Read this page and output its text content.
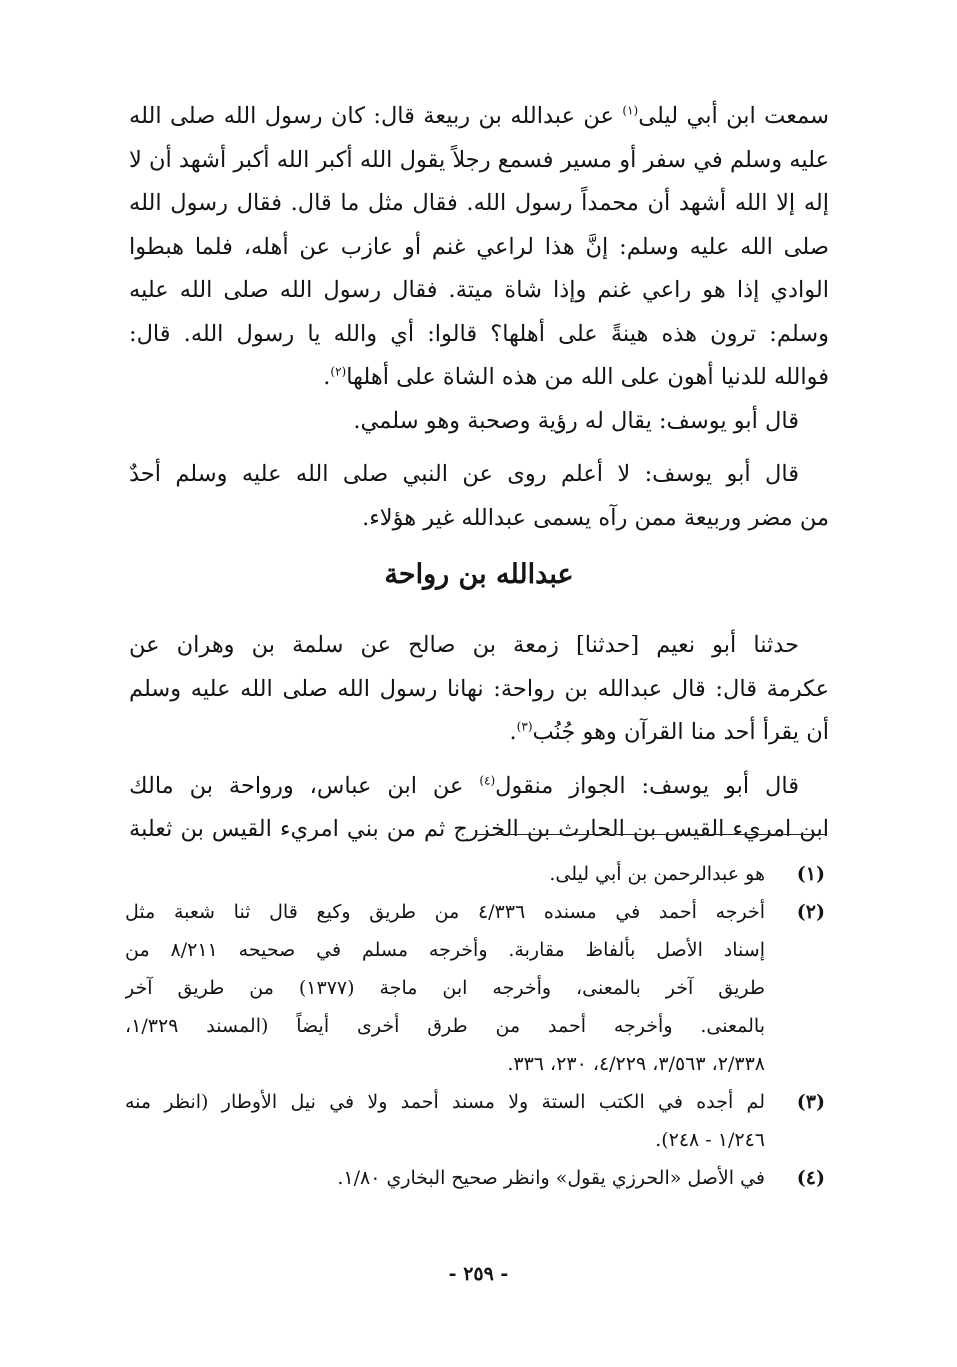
سمعت ابن أبي ليلى$^{(١)}$ عن عبدالله بن ربيعة قال: كان رسول الله صلى الله
عليه وسلم في سفر أو مسير فسمع رجلاً يقول الله أكبر الله أكبر أشهد أن لا
إله إلا الله أشهد أن محمداً رسول الله. فقال مثل ما قال. فقال رسول الله
صلى الله عليه وسلم: إنَّ هذا لراعي غنم أو عازب عن أهله، فلما هبطوا
الوادي إذا هو راعي غنم وإذا شاة ميتة. فقال رسول الله صلى الله عليه
وسلم: ترون هذه هينةً على أهلها؟ قالوا: أي والله يا رسول الله. قال:
فوالله للدنيا أهون على الله من هذه الشاة على أهلها$^{(٢)}$.
قال أبو يوسف: يقال له رؤية وصحبة وهو سلمي.
قال أبو يوسف: لا أعلم روى عن النبي صلى الله عليه وسلم أحدٌ
من مضر وربيعة ممن رآه يسمى عبدالله غير هؤلاء.
عبدالله بن رواحة
حدثنا أبو نعيم [حدثنا] زمعة بن صالح عن سلمة بن وهران عن
عكرمة قال: قال عبدالله بن رواحة: نهانا رسول الله صلى الله عليه وسلم
أن يقرأ أحد منا القرآن وهو جُنُب$^{(٣)}$.
قال أبو يوسف: الجواز منقول$^{(٤)}$ عن ابن عباس، ورواحة بن مالك
ابن امريء القيس بن الحارث بن الخزرج ثم من بني امريء القيس بن ثعلبة
(١)
هو عبدالرحمن بن أبي ليلى.
(٢)
أخرجه أحمد في مسنده ٤/٣٣٦ من طريق وكيع قال ثنا شعبة مثل
إسناد الأصل بألفاظ مقاربة. وأخرجه مسلم في صحيحه ٨/٢١١ من
طريق آخر بالمعنى، وأخرجه ابن ماجة (١٣٧٧) من طريق آخر
بالمعنى. وأخرجه أحمد من طرق أخرى أيضاً (المسند ١/٣٢٩،
٢/٣٣٨، ٣/٥٦٣، ٤/٢٢٩، ٢٣٠، ٣٣٦.
(٣)
لم أجده في الكتب الستة ولا مسند أحمد ولا في نيل الأوطار (انظر منه
١/٢٤٦ - ٢٤٨).
(٤)
في الأصل «الحرزي يقول» وانظر صحيح البخاري ١/٨٠.
- ٢٥٩ -
